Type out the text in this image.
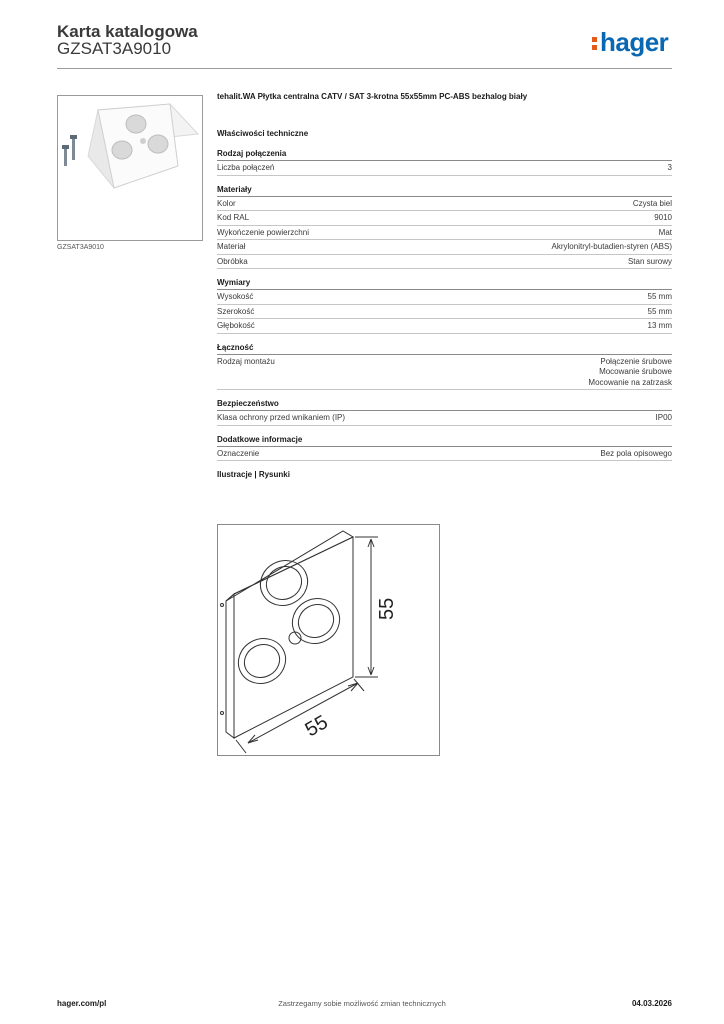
Karta katalogowa
GZSAT3A9010	hager
GZSAT3A9010
tehalit.WA Płytka centralna CATV / SAT 3-krotna 55x55mm PC-ABS bezhalog biały
Właściwości techniczne
Rodzaj połączenia
Liczba połączeń	3
Materiały
Kolor	Czysta biel
Kod RAL	9010
Wykończenie powierzchni	Mat
Materiał	Akrylonitryl-butadien-styren (ABS)
Obróbka	Stan surowy
Wymiary
Wysokość	55 mm
Szerokość	55 mm
Głębokość	13 mm
Łączność
Rodzaj montażu	Połączenie śrubowe
Mocowanie śrubowe
Mocowanie na zatrzask
Bezpieczeństwo
Klasa ochrony przed wnikaniem (IP)	IP00
Dodatkowe informacje
Oznaczenie	Bez pola opisowego
Ilustracje | Rysunki
55
55
hager.com/pl	Zastrzegamy sobie możliwość zmian technicznych	04.03.2026
